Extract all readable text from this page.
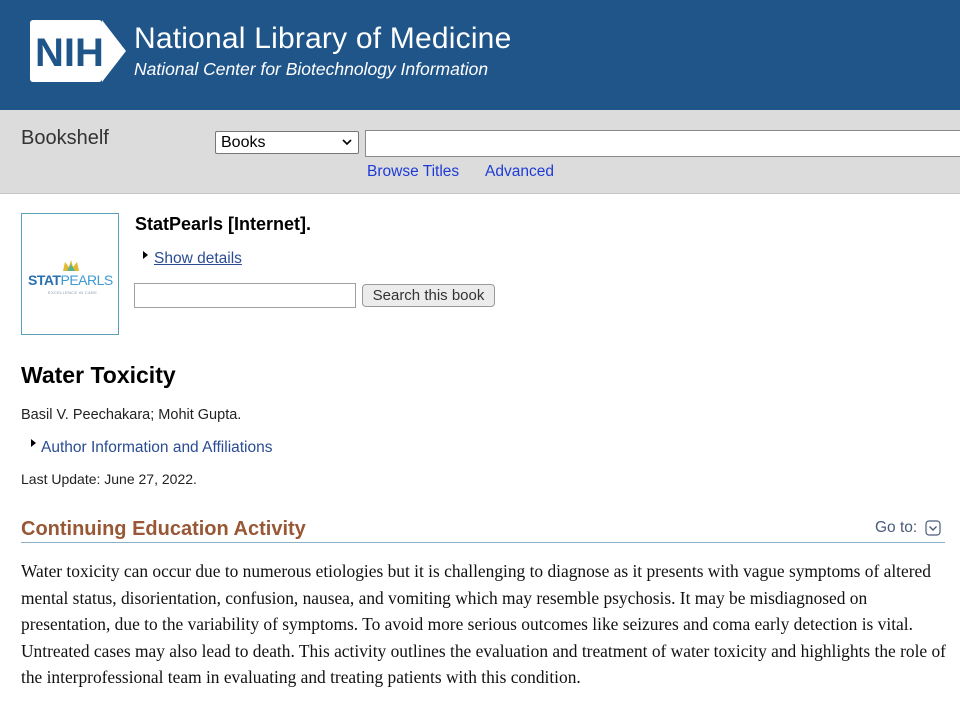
NIH National Library of Medicine
National Center for Biotechnology Information
Bookshelf	Books
Browse Titles Advanced
STATPEARLS
EXCELLENCE IN CARE
StatPearls [Internet].
Show details
Search this book
Water Toxicity
Basil V. Peechakara; Mohit Gupta.
Author Information and Affiliations
Last Update: June 27, 2022.
Continuing Education Activity	Go to:

Water toxicity can occur due to numerous etiologies but it is challenging to diagnose as it presents with vague symptoms of altered mental status, disorientation, confusion, nausea, and vomiting which may resemble psychosis. It may be misdiagnosed on presentation, due to the variability of symptoms. To avoid more serious outcomes like seizures and coma early detection is vital. Untreated cases may also lead to death. This activity outlines the evaluation and treatment of water toxicity and highlights the role of the interprofessional team in evaluating and treating patients with this condition.
